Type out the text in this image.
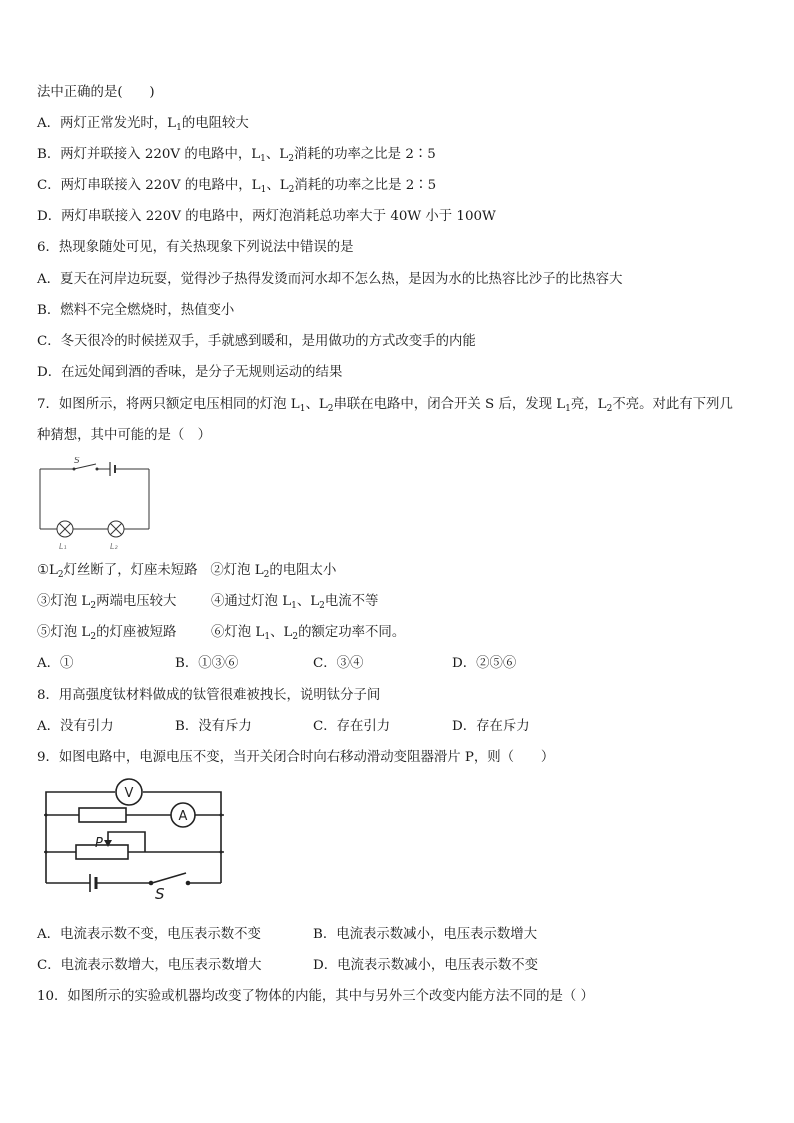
法中正确的是(　　)
A．两灯正常发光时，$L_1$的电阻较大
B．两灯并联接入 220V 的电路中，$L_1$、$L_2$消耗的功率之比是 2∶5
C．两灯串联接入 220V 的电路中，$L_1$、$L_2$消耗的功率之比是 2∶5
D．两灯串联接入 220V 的电路中，两灯泡消耗总功率大于 40W 小于 100W
6．热现象随处可见，有关热现象下列说法中错误的是
A．夏天在河岸边玩耍，觉得沙子热得发烫而河水却不怎么热，是因为水的比热容比沙子的比热容大
B．燃料不完全燃烧时，热值变小
C．冬天很冷的时候搓双手，手就感到暖和，是用做功的方式改变手的内能
D．在远处闻到酒的香味，是分子无规则运动的结果
7．如图所示，将两只额定电压相同的灯泡 $L_1$、$L_2$串联在电路中，闭合开关 S 后，发现 $L_1$亮，$L_2$不亮。对此有下列几
种猜想，其中可能的是（　）
S
L₁	L₂
$①L_2$灯丝断了，灯座未短路 ②灯泡 $L_2$的电阻太小
③灯泡 $L_2$两端电压较大	④通过灯泡 $L_1$、$L_2$电流不等
⑤灯泡 $L_2$的灯座被短路	⑥灯泡 $L_1$、$L_2$的额定功率不同。
A．①	B．①③⑥	C．③④	D．②⑤⑥
8．用高强度钛材料做成的钛管很难被拽长，说明钛分子间
A．没有引力	B．没有斥力	C．存在引力	D．存在斥力
9．如图电路中，电源电压不变，当开关闭合时向右移动滑动变阻器滑片 P，则（　　）
V
A
P
S
A．电流表示数不变，电压表示数不变	B．电流表示数减小，电压表示数增大
C．电流表示数增大，电压表示数增大	D．电流表示数减小，电压表示数不变
10．如图所示的实验或机器均改变了物体的内能，其中与另外三个改变内能方法不同的是（ ）
